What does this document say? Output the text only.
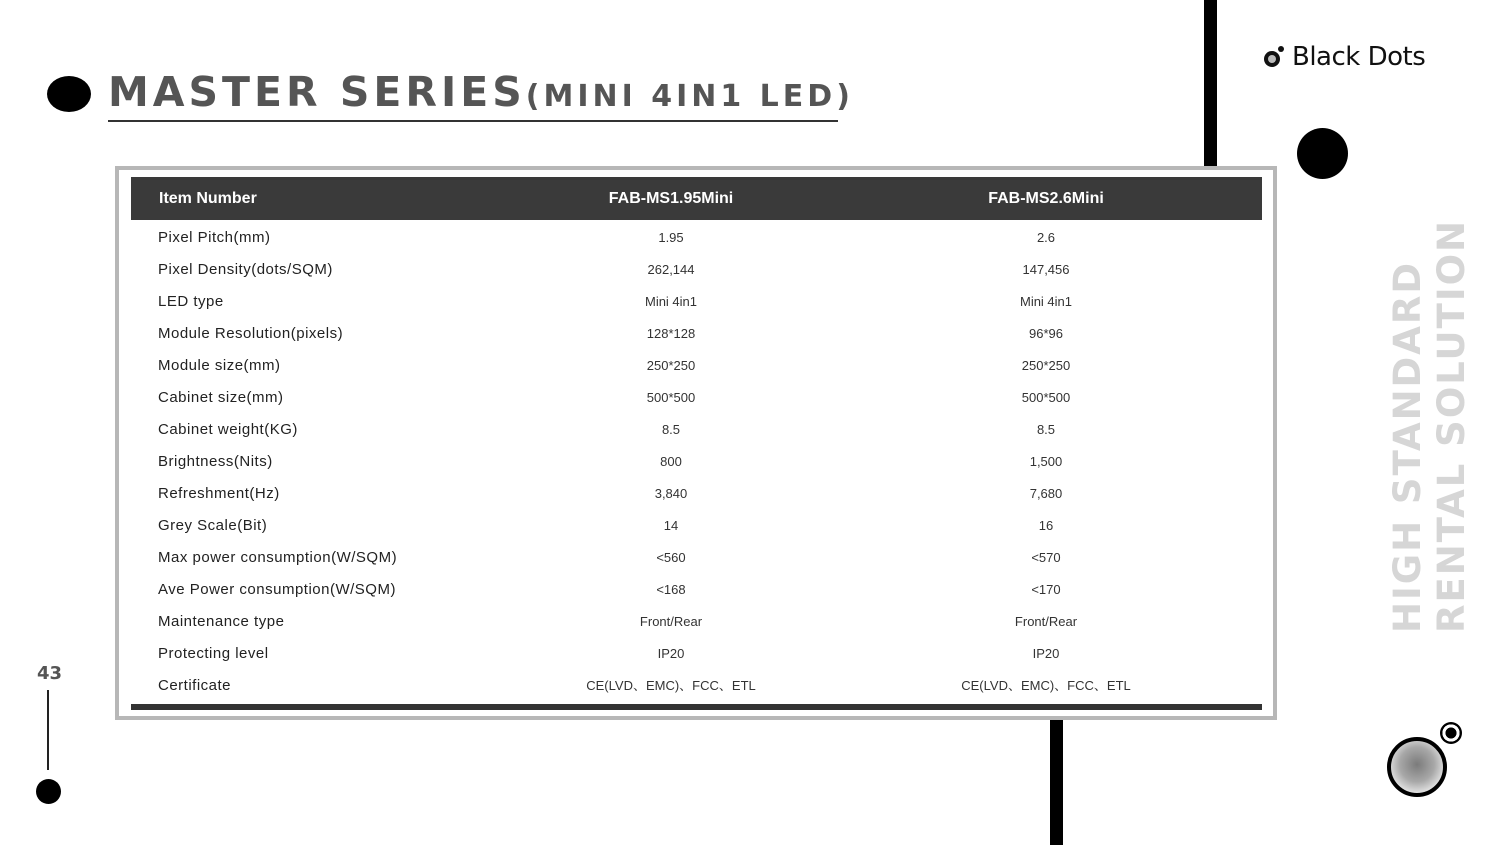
MASTER SERIES(MINI 4IN1 LED)
Black Dots
HIGH STANDARD RENTAL SOLUTION
43
Item Number	FAB-MS1.95Mini	FAB-MS2.6Mini
Pixel Pitch(mm)	1.95	2.6
Pixel Density(dots/SQM)	262,144	147,456
LED type	Mini 4in1	Mini 4in1
Module Resolution(pixels)	128*128	96*96
Module size(mm)	250*250	250*250
Cabinet size(mm)	500*500	500*500
Cabinet weight(KG)	8.5	8.5
Brightness(Nits)	800	1,500
Refreshment(Hz)	3,840	7,680
Grey Scale(Bit)	14	16
Max power consumption(W/SQM)	<560	<570
Ave Power consumption(W/SQM)	<168	<170
Maintenance type	Front/Rear	Front/Rear
Protecting level	IP20	IP20
Certificate	CE(LVD、EMC)、FCC、ETL	CE(LVD、EMC)、FCC、ETL
